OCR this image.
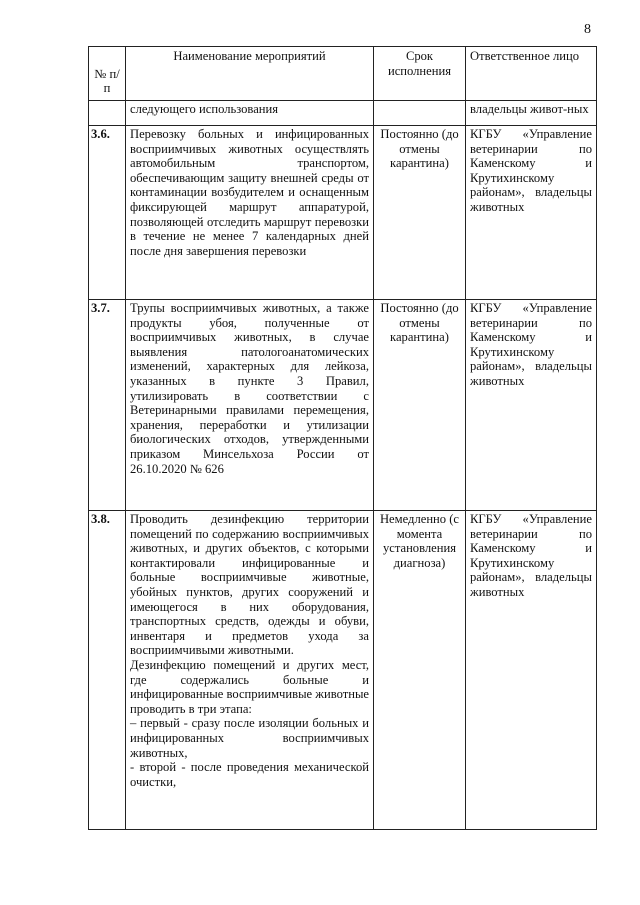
8
№ п/п	Наименование мероприятий	Срок исполнения	Ответственное лицо
	следующего использования		владельцы живот-ных
3.6.	Перевозку больных и инфицированных восприимчивых животных осуществлять автомобильным транспортом, обеспечивающим защиту внешней среды от контаминации возбудителем и оснащенным фиксирующей маршрут аппаратурой, позволяющей отследить маршрут перевозки в течение не менее 7 календарных дней после дня завершения перевозки	Постоянно (до отмены карантина)	КГБУ «Управление ветеринарии по Каменскому и Крутихинскому районам», владельцы животных
3.7.	Трупы восприимчивых животных, а также продукты убоя, полученные от восприимчивых животных, в случае выявления патологоанатомических изменений, характерных для лейкоза, указанных в пункте 3 Правил, утилизировать в соответствии с Ветеринарными правилами перемещения, хранения, переработки и утилизации биологических отходов, утвержденными приказом Минсельхоза России от 26.10.2020 № 626	Постоянно (до отмены карантина)	КГБУ «Управление ветеринарии по Каменскому и Крутихинскому районам», владельцы животных
3.8.	Проводить дезинфекцию территории помещений по содержанию восприимчивых животных, и других объектов, с которыми контактировали инфицированные и больные восприимчивые животные, убойных пунктов, других сооружений и имеющегося в них оборудования, транспортных средств, одежды и обуви, инвентаря и предметов ухода за восприимчивыми животными.

Дезинфекцию помещений и других мест, где содержались больные и инфицированные восприимчивые животные проводить в три этапа:

– первый - сразу после изоляции больных и инфицированных восприимчивых животных,

- второй - после проведения механической очистки,	Немедленно (с момента установления диагноза)	КГБУ «Управление ветеринарии по Каменскому и Крутихинскому районам», владельцы животных
